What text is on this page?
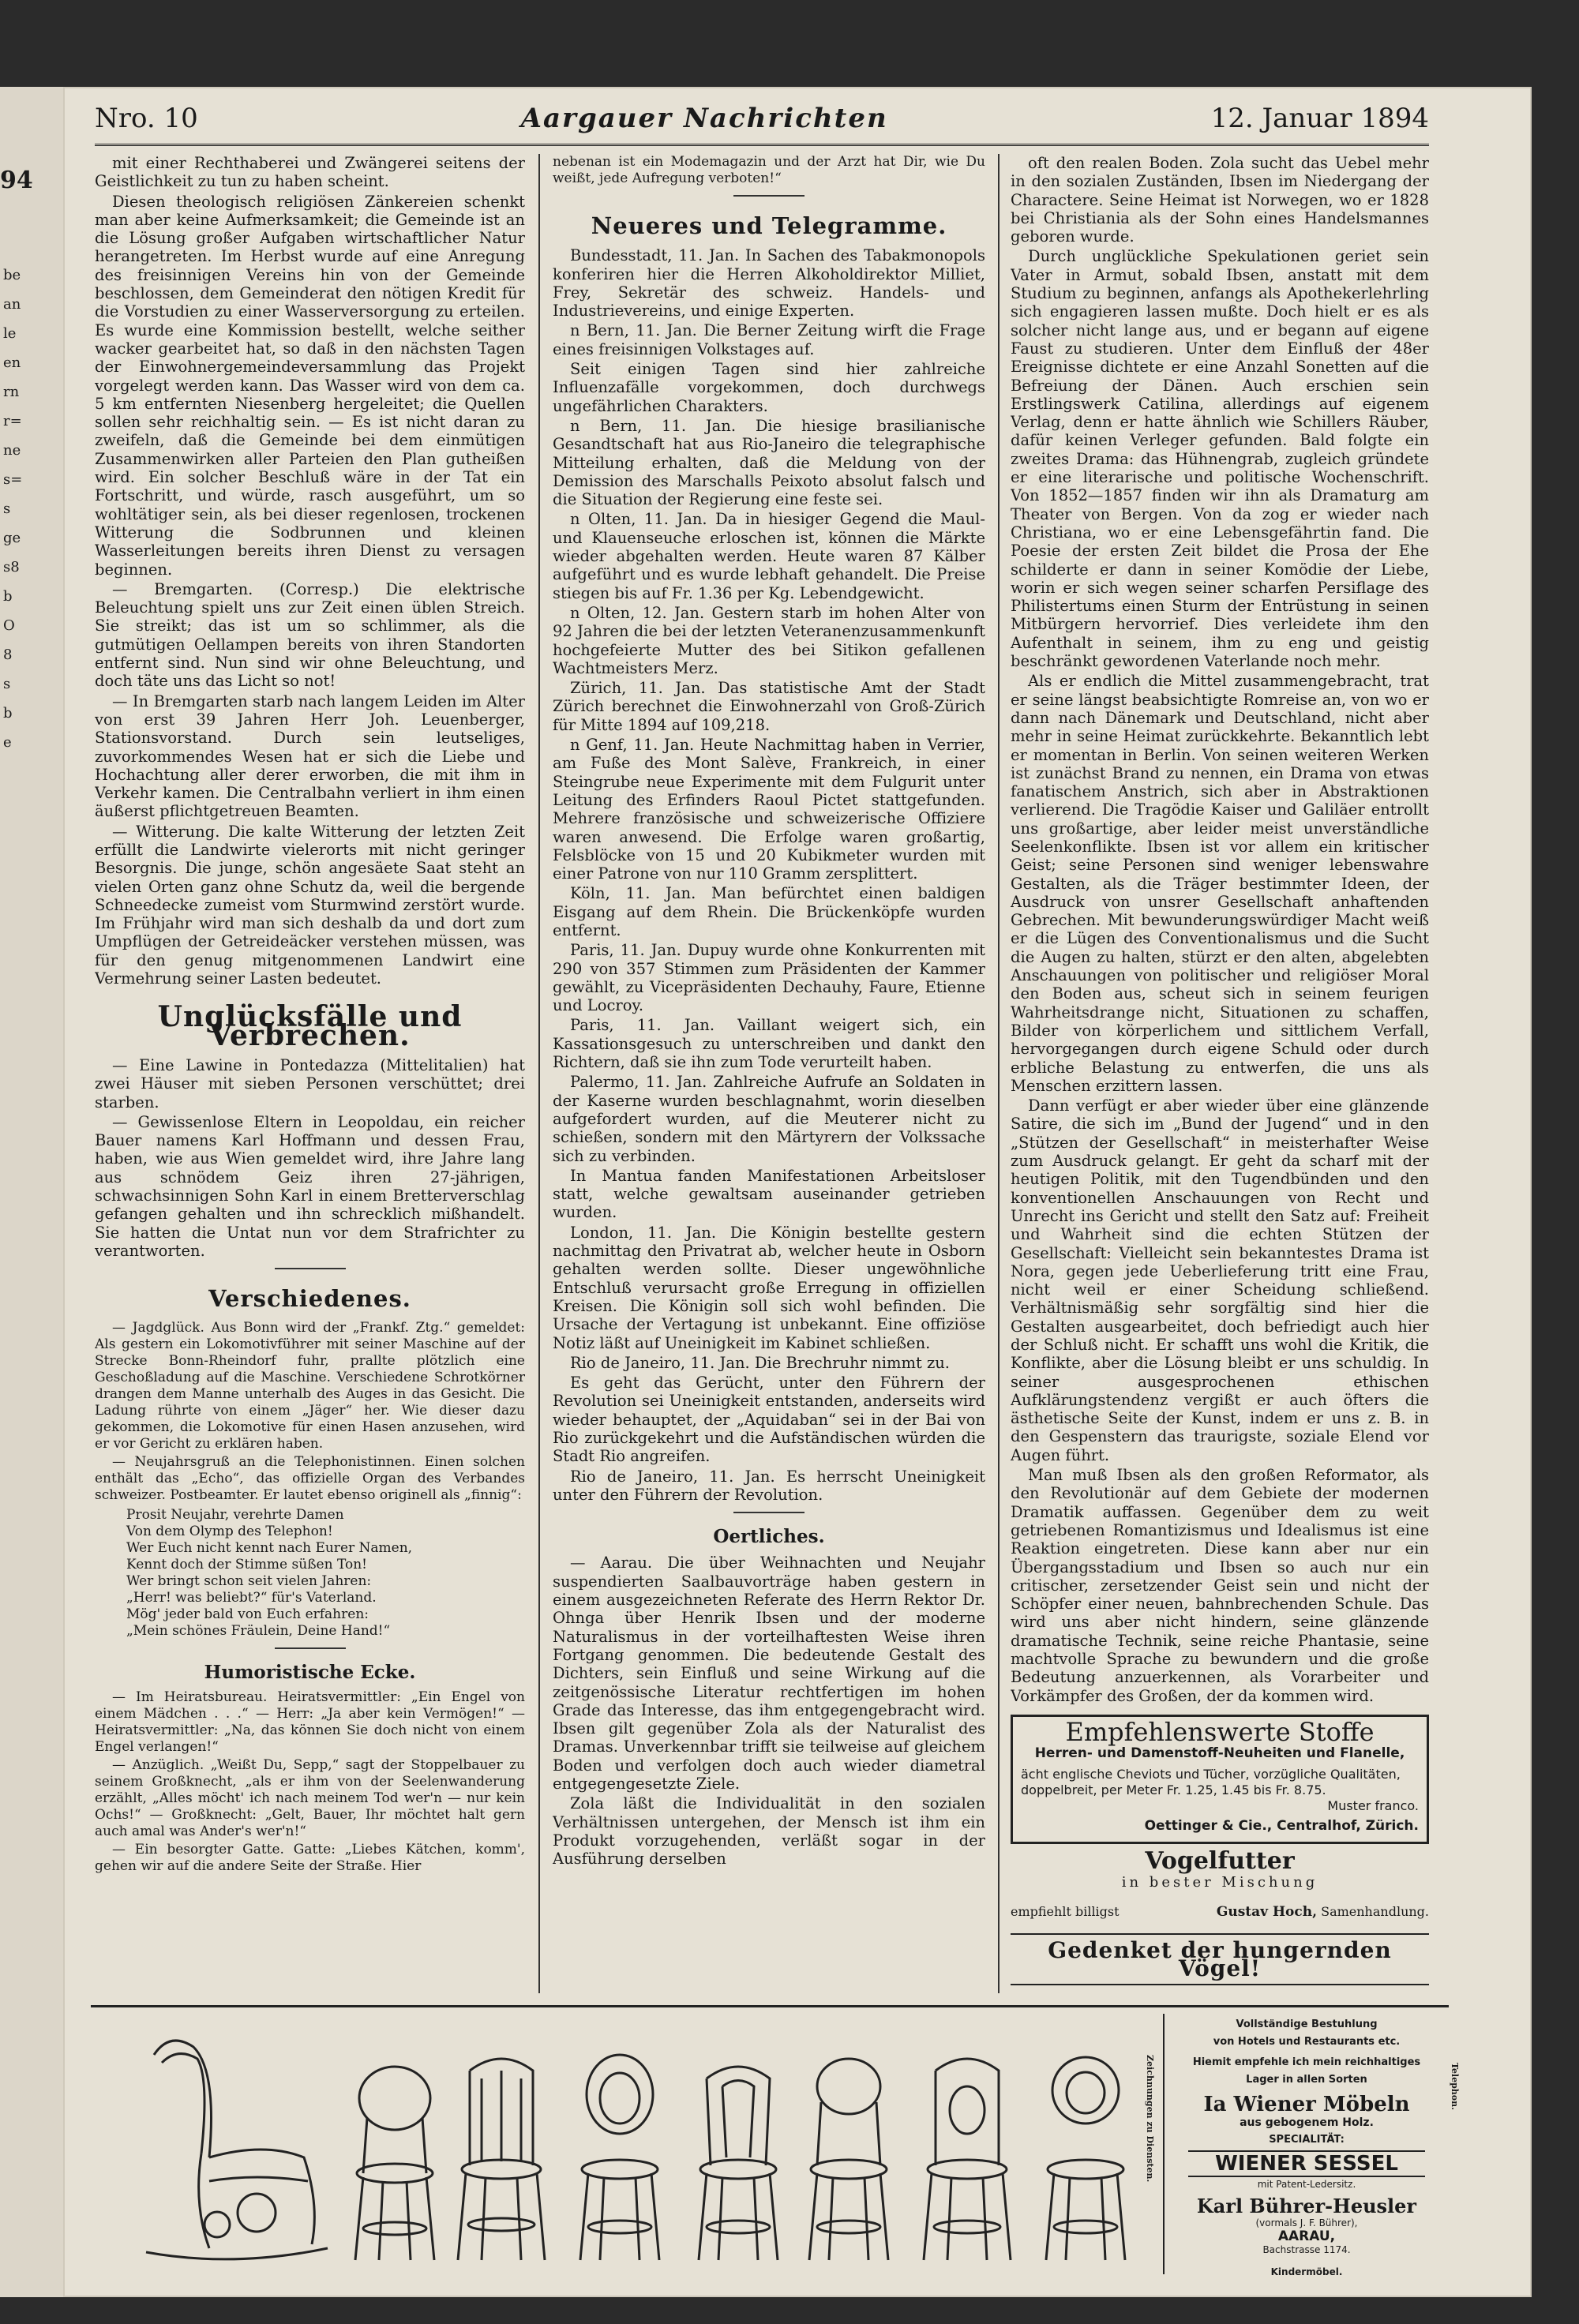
94
be
an
le
en
rn
r=
ne
s=
s
ge
s8
b
O
8
s
b
e
Nro. 10	Aargauer Nachrichten	12. Januar 1894

mit einer Rechthaberei und Zwängerei seitens der Geistlichkeit zu tun zu haben scheint.

Diesen theologisch religiösen Zänkereien schenkt man aber keine Aufmerksamkeit; die Gemeinde ist an die Lösung großer Aufgaben wirtschaftlicher Natur herangetreten. Im Herbst wurde auf eine Anregung des freisinnigen Vereins hin von der Gemeinde beschlossen, dem Gemeinderat den nötigen Kredit für die Vorstudien zu einer Wasserversorgung zu erteilen. Es wurde eine Kommission bestellt, welche seither wacker gearbeitet hat, so daß in den nächsten Tagen der Einwohnergemeindeversammlung das Projekt vorgelegt werden kann. Das Wasser wird von dem ca. 5 km entfernten Niesenberg hergeleitet; die Quellen sollen sehr reichhaltig sein. — Es ist nicht daran zu zweifeln, daß die Gemeinde bei dem einmütigen Zusammenwirken aller Parteien den Plan gutheißen wird. Ein solcher Beschluß wäre in der Tat ein Fortschritt, und würde, rasch ausgeführt, um so wohltätiger sein, als bei dieser regenlosen, trockenen Witterung die Sodbrunnen und kleinen Wasserleitungen bereits ihren Dienst zu versagen beginnen.

— Bremgarten. (Corresp.) Die elektrische Beleuchtung spielt uns zur Zeit einen üblen Streich. Sie streikt; das ist um so schlimmer, als die gutmütigen Oellampen bereits von ihren Standorten entfernt sind. Nun sind wir ohne Beleuchtung, und doch täte uns das Licht so not!

— In Bremgarten starb nach langem Leiden im Alter von erst 39 Jahren Herr Joh. Leuenberger, Stationsvorstand. Durch sein leutseliges, zuvorkommendes Wesen hat er sich die Liebe und Hochachtung aller derer erworben, die mit ihm in Verkehr kamen. Die Centralbahn verliert in ihm einen äußerst pflichtgetreuen Beamten.

— Witterung. Die kalte Witterung der letzten Zeit erfüllt die Landwirte vielerorts mit nicht geringer Besorgnis. Die junge, schön angesäete Saat steht an vielen Orten ganz ohne Schutz da, weil die bergende Schneedecke zumeist vom Sturmwind zerstört wurde. Im Frühjahr wird man sich deshalb da und dort zum Umpflügen der Getreideäcker verstehen müssen, was für den genug mitgenommenen Landwirt eine Vermehrung seiner Lasten bedeutet.

Unglücksfälle und Verbrechen.

— Eine Lawine in Pontedazza (Mittelitalien) hat zwei Häuser mit sieben Personen verschüttet; drei starben.

— Gewissenlose Eltern in Leopoldau, ein reicher Bauer namens Karl Hoffmann und dessen Frau, haben, wie aus Wien gemeldet wird, ihre Jahre lang aus schnödem Geiz ihren 27-jährigen, schwachsinnigen Sohn Karl in einem Bretterverschlag gefangen gehalten und ihn schrecklich mißhandelt. Sie hatten die Untat nun vor dem Strafrichter zu verantworten.

Verschiedenes.

— Jagdglück. Aus Bonn wird der „Frankf. Ztg.“ gemeldet: Als gestern ein Lokomotivführer mit seiner Maschine auf der Strecke Bonn-Rheindorf fuhr, prallte plötzlich eine Geschoßladung auf die Maschine. Verschiedene Schrotkörner drangen dem Manne unterhalb des Auges in das Gesicht. Die Ladung rührte von einem „Jäger“ her. Wie dieser dazu gekommen, die Lokomotive für einen Hasen anzusehen, wird er vor Gericht zu erklären haben.

— Neujahrsgruß an die Telephonistinnen. Einen solchen enthält das „Echo“, das offizielle Organ des Verbandes schweizer. Postbeamter. Er lautet ebenso originell als „finnig“:

Prosit Neujahr, verehrte Damen
Von dem Olymp des Telephon!
Wer Euch nicht kennt nach Eurer Namen,
Kennt doch der Stimme süßen Ton!
Wer bringt schon seit vielen Jahren:
„Herr! was beliebt?“ für's Vaterland.
Mög' jeder bald von Euch erfahren:
„Mein schönes Fräulein, Deine Hand!“
Humoristische Ecke.

— Im Heiratsbureau. Heiratsvermittler: „Ein Engel von einem Mädchen . . .“ — Herr: „Ja aber kein Vermögen!“ — Heiratsvermittler: „Na, das können Sie doch nicht von einem Engel verlangen!“

— Anzüglich. „Weißt Du, Sepp,“ sagt der Stoppelbauer zu seinem Großknecht, „als er ihm von der Seelenwanderung erzählt, „Alles möcht' ich nach meinem Tod wer'n — nur kein Ochs!“ — Großknecht: „Gelt, Bauer, Ihr möchtet halt gern auch amal was Ander's wer'n!“

— Ein besorgter Gatte. Gatte: „Liebes Kätchen, komm', gehen wir auf die andere Seite der Straße. Hier

nebenan ist ein Modemagazin und der Arzt hat Dir, wie Du weißt, jede Aufregung verboten!“

Neueres und Telegramme.

Bundesstadt, 11. Jan. In Sachen des Tabakmonopols konferiren hier die Herren Alkoholdirektor Milliet, Frey, Sekretär des schweiz. Handels- und Industrievereins, und einige Experten.

n Bern, 11. Jan. Die Berner Zeitung wirft die Frage eines freisinnigen Volkstages auf.

Seit einigen Tagen sind hier zahlreiche Influenzafälle vorgekommen, doch durchwegs ungefährlichen Charakters.

n Bern, 11. Jan. Die hiesige brasilianische Gesandtschaft hat aus Rio-Janeiro die telegraphische Mitteilung erhalten, daß die Meldung von der Demission des Marschalls Peixoto absolut falsch und die Situation der Regierung eine feste sei.

n Olten, 11. Jan. Da in hiesiger Gegend die Maul- und Klauenseuche erloschen ist, können die Märkte wieder abgehalten werden. Heute waren 87 Kälber aufgeführt und es wurde lebhaft gehandelt. Die Preise stiegen bis auf Fr. 1.36 per Kg. Lebendgewicht.

n Olten, 12. Jan. Gestern starb im hohen Alter von 92 Jahren die bei der letzten Veteranenzusammenkunft hochgefeierte Mutter des bei Sitikon gefallenen Wachtmeisters Merz.

Zürich, 11. Jan. Das statistische Amt der Stadt Zürich berechnet die Einwohnerzahl von Groß-Zürich für Mitte 1894 auf 109,218.

n Genf, 11. Jan. Heute Nachmittag haben in Verrier, am Fuße des Mont Salève, Frankreich, in einer Steingrube neue Experimente mit dem Fulgurit unter Leitung des Erfinders Raoul Pictet stattgefunden. Mehrere französische und schweizerische Offiziere waren anwesend. Die Erfolge waren großartig, Felsblöcke von 15 und 20 Kubikmeter wurden mit einer Patrone von nur 110 Gramm zersplittert.

Köln, 11. Jan. Man befürchtet einen baldigen Eisgang auf dem Rhein. Die Brückenköpfe wurden entfernt.

Paris, 11. Jan. Dupuy wurde ohne Konkurrenten mit 290 von 357 Stimmen zum Präsidenten der Kammer gewählt, zu Vicepräsidenten Dechauhy, Faure, Etienne und Locroy.

Paris, 11. Jan. Vaillant weigert sich, ein Kassationsgesuch zu unterschreiben und dankt den Richtern, daß sie ihn zum Tode verurteilt haben.

Palermo, 11. Jan. Zahlreiche Aufrufe an Soldaten in der Kaserne wurden beschlagnahmt, worin dieselben aufgefordert wurden, auf die Meuterer nicht zu schießen, sondern mit den Märtyrern der Volkssache sich zu verbinden.

In Mantua fanden Manifestationen Arbeitsloser statt, welche gewaltsam auseinander getrieben wurden.

London, 11. Jan. Die Königin bestellte gestern nachmittag den Privatrat ab, welcher heute in Osborn gehalten werden sollte. Dieser ungewöhnliche Entschluß verursacht große Erregung in offiziellen Kreisen. Die Königin soll sich wohl befinden. Die Ursache der Vertagung ist unbekannt. Eine offiziöse Notiz läßt auf Uneinigkeit im Kabinet schließen.

Rio de Janeiro, 11. Jan. Die Brechruhr nimmt zu.

Es geht das Gerücht, unter den Führern der Revolution sei Uneinigkeit entstanden, anderseits wird wieder behauptet, der „Aquidaban“ sei in der Bai von Rio zurückgekehrt und die Aufständischen würden die Stadt Rio angreifen.

Rio de Janeiro, 11. Jan. Es herrscht Uneinigkeit unter den Führern der Revolution.

Oertliches.

— Aarau. Die über Weihnachten und Neujahr suspendierten Saalbauvorträge haben gestern in einem ausgezeichneten Referate des Herrn Rektor Dr. Ohnga über Henrik Ibsen und der moderne Naturalismus in der vorteilhaftesten Weise ihren Fortgang genommen. Die bedeutende Gestalt des Dichters, sein Einfluß und seine Wirkung auf die zeitgenössische Literatur rechtfertigen im hohen Grade das Interesse, das ihm entgegengebracht wird. Ibsen gilt gegenüber Zola als der Naturalist des Dramas. Unverkennbar trifft sie teilweise auf gleichem Boden und verfolgen doch auch wieder diametral entgegengesetzte Ziele.

Zola läßt die Individualität in den sozialen Verhältnissen untergehen, der Mensch ist ihm ein Produkt vorzugehenden, verläßt sogar in der Ausführung derselben

oft den realen Boden. Zola sucht das Uebel mehr in den sozialen Zuständen, Ibsen im Niedergang der Charactere. Seine Heimat ist Norwegen, wo er 1828 bei Christiania als der Sohn eines Handelsmannes geboren wurde.

Durch unglückliche Spekulationen geriet sein Vater in Armut, sobald Ibsen, anstatt mit dem Studium zu beginnen, anfangs als Apothekerlehrling sich engagieren lassen mußte. Doch hielt er es als solcher nicht lange aus, und er begann auf eigene Faust zu studieren. Unter dem Einfluß der 48er Ereignisse dichtete er eine Anzahl Sonetten auf die Befreiung der Dänen. Auch erschien sein Erstlingswerk Catilina, allerdings auf eigenem Verlag, denn er hatte ähnlich wie Schillers Räuber, dafür keinen Verleger gefunden. Bald folgte ein zweites Drama: das Hühnengrab, zugleich gründete er eine literarische und politische Wochenschrift. Von 1852—1857 finden wir ihn als Dramaturg am Theater von Bergen. Von da zog er wieder nach Christiana, wo er eine Lebensgefährtin fand. Die Poesie der ersten Zeit bildet die Prosa der Ehe schilderte er dann in seiner Komödie der Liebe, worin er sich wegen seiner scharfen Persiflage des Philistertums einen Sturm der Entrüstung in seinen Mitbürgern hervorrief. Dies verleidete ihm den Aufenthalt in seinem, ihm zu eng und geistig beschränkt gewordenen Vaterlande noch mehr.

Als er endlich die Mittel zusammengebracht, trat er seine längst beabsichtigte Romreise an, von wo er dann nach Dänemark und Deutschland, nicht aber mehr in seine Heimat zurückkehrte. Bekanntlich lebt er momentan in Berlin. Von seinen weiteren Werken ist zunächst Brand zu nennen, ein Drama von etwas fanatischem Anstrich, sich aber in Abstraktionen verlierend. Die Tragödie Kaiser und Galiläer entrollt uns großartige, aber leider meist unverständliche Seelenkonflikte. Ibsen ist vor allem ein kritischer Geist; seine Personen sind weniger lebenswahre Gestalten, als die Träger bestimmter Ideen, der Ausdruck von unsrer Gesellschaft anhaftenden Gebrechen. Mit bewunderungswürdiger Macht weiß er die Lügen des Conventionalismus und die Sucht die Augen zu halten, stürzt er den alten, abgelebten Anschauungen von politischer und religiöser Moral den Boden aus, scheut sich in seinem feurigen Wahrheitsdrange nicht, Situationen zu schaffen, Bilder von körperlichem und sittlichem Verfall, hervorgegangen durch eigene Schuld oder durch erbliche Belastung zu entwerfen, die uns als Menschen erzittern lassen.

Dann verfügt er aber wieder über eine glänzende Satire, die sich im „Bund der Jugend“ und in den „Stützen der Gesellschaft“ in meisterhafter Weise zum Ausdruck gelangt. Er geht da scharf mit der heutigen Politik, mit den Tugendbünden und den konventionellen Anschauungen von Recht und Unrecht ins Gericht und stellt den Satz auf: Freiheit und Wahrheit sind die echten Stützen der Gesellschaft: Vielleicht sein bekanntestes Drama ist Nora, gegen jede Ueberlieferung tritt eine Frau, nicht weil er einer Scheidung schließend. Verhältnismäßig sehr sorgfältig sind hier die Gestalten ausgearbeitet, doch befriedigt auch hier der Schluß nicht. Er schafft uns wohl die Kritik, die Konflikte, aber die Lösung bleibt er uns schuldig. In seiner ausgesprochenen ethischen Aufklärungstendenz vergißt er auch öfters die ästhetische Seite der Kunst, indem er uns z. B. in den Gespenstern das traurigste, soziale Elend vor Augen führt.

Man muß Ibsen als den großen Reformator, als den Revolutionär auf dem Gebiete der modernen Dramatik auffassen. Gegenüber dem zu weit getriebenen Romantizismus und Idealismus ist eine Reaktion eingetreten. Diese kann aber nur ein Übergangsstadium und Ibsen so auch nur ein critischer, zersetzender Geist sein und nicht der Schöpfer einer neuen, bahnbrechenden Schule. Das wird uns aber nicht hindern, seine glänzende dramatische Technik, seine reiche Phantasie, seine machtvolle Sprache zu bewundern und die große Bedeutung anzuerkennen, als Vorarbeiter und Vorkämpfer des Großen, der da kommen wird.

Empfehlenswerte Stoffe
Herren- und Damenstoff-Neuheiten und Flanelle,
ächt englische Cheviots und Tücher, vorzügliche Qualitäten, doppelbreit, per Meter Fr. 1.25, 1.45 bis Fr. 8.75.
Muster franco.
Oettinger & Cie., Centralhof, Zürich.
Vogelfutter
in bester Mischung
empfiehlt billigst	Gustav Hoch, Samenhandlung.
Gedenket der hungernden Vögel!
Zeichnungen zu Diensten.
Vollständige Bestuhlung
von Hotels und Restaurants etc.
Hiemit empfehle ich mein reichhaltiges
Lager in allen Sorten
Ia Wiener Möbeln
aus gebogenem Holz.
SPECIALITÄT:
WIENER SESSEL
mit Patent-Ledersitz.
Karl Bührer-Heusler
(vormals J. F. Bührer),
AARAU,
Bachstrasse 1174.
Kindermöbel.
Telephon.
